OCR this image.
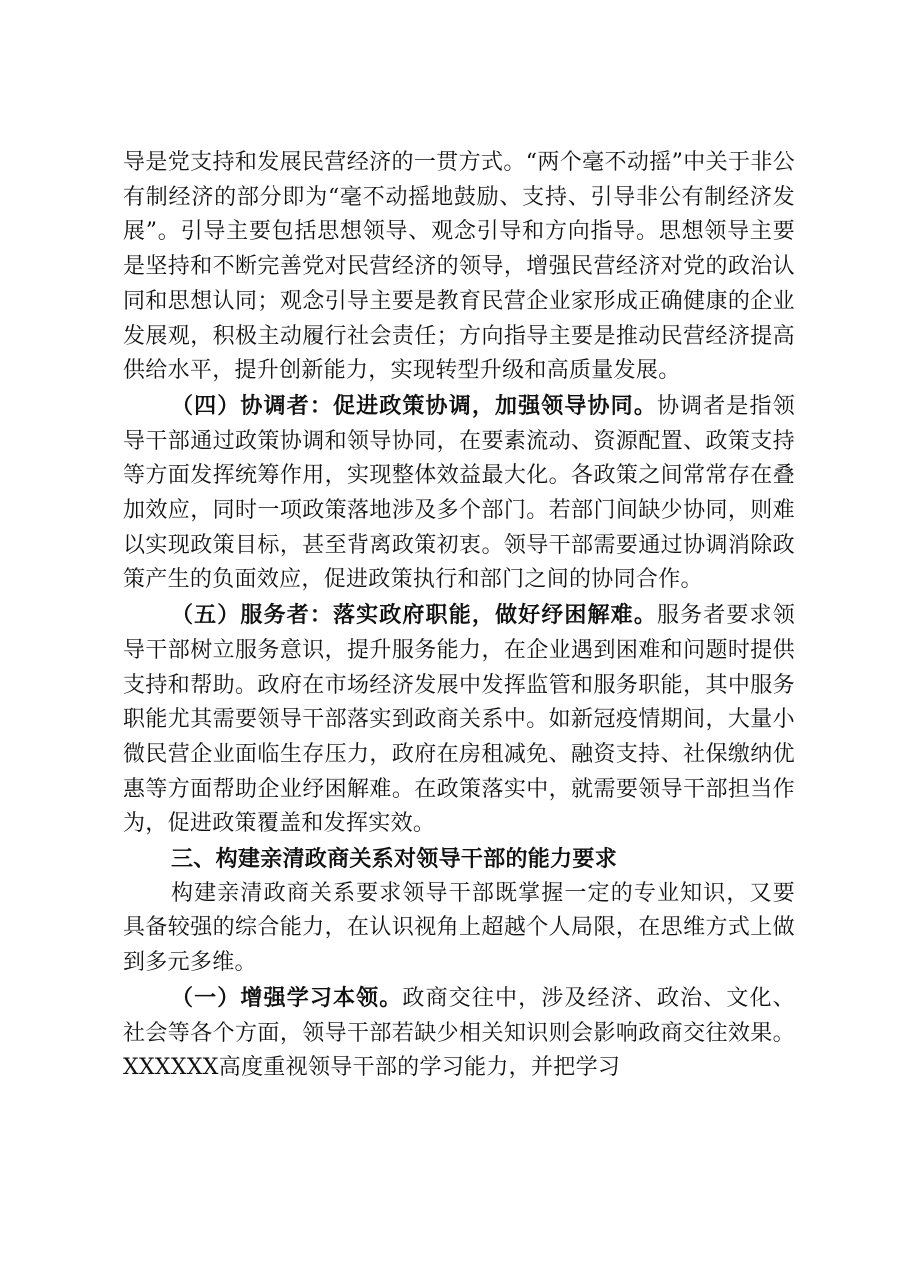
导是党支持和发展民营经济的一贯方式。“两个毫不动摇”中关于非公有制经济的部分即为“毫不动摇地鼓励、支持、引导非公有制经济发展”。引导主要包括思想领导、观念引导和方向指导。思想领导主要是坚持和不断完善党对民营经济的领导，增强民营经济对党的政治认同和思想认同；观念引导主要是教育民营企业家形成正确健康的企业发展观，积极主动履行社会责任；方向指导主要是推动民营经济提高供给水平，提升创新能力，实现转型升级和高质量发展。

（四）协调者：促进政策协调，加强领导协同。协调者是指领导干部通过政策协调和领导协同，在要素流动、资源配置、政策支持等方面发挥统筹作用，实现整体效益最大化。各政策之间常常存在叠加效应，同时一项政策落地涉及多个部门。若部门间缺少协同，则难以实现政策目标，甚至背离政策初衷。领导干部需要通过协调消除政策产生的负面效应，促进政策执行和部门之间的协同合作。

（五）服务者：落实政府职能，做好纾困解难。服务者要求领导干部树立服务意识，提升服务能力，在企业遇到困难和问题时提供支持和帮助。政府在市场经济发展中发挥监管和服务职能，其中服务职能尤其需要领导干部落实到政商关系中。如新冠疫情期间，大量小微民营企业面临生存压力，政府在房租减免、融资支持、社保缴纳优惠等方面帮助企业纾困解难。在政策落实中，就需要领导干部担当作为，促进政策覆盖和发挥实效。

三、构建亲清政商关系对领导干部的能力要求

构建亲清政商关系要求领导干部既掌握一定的专业知识，又要具备较强的综合能力，在认识视角上超越个人局限，在思维方式上做到多元多维。

（一）增强学习本领。政商交往中，涉及经济、政治、文化、社会等各个方面，领导干部若缺少相关知识则会影响政商交往效果。XXXXXX高度重视领导干部的学习能力，并把学习
